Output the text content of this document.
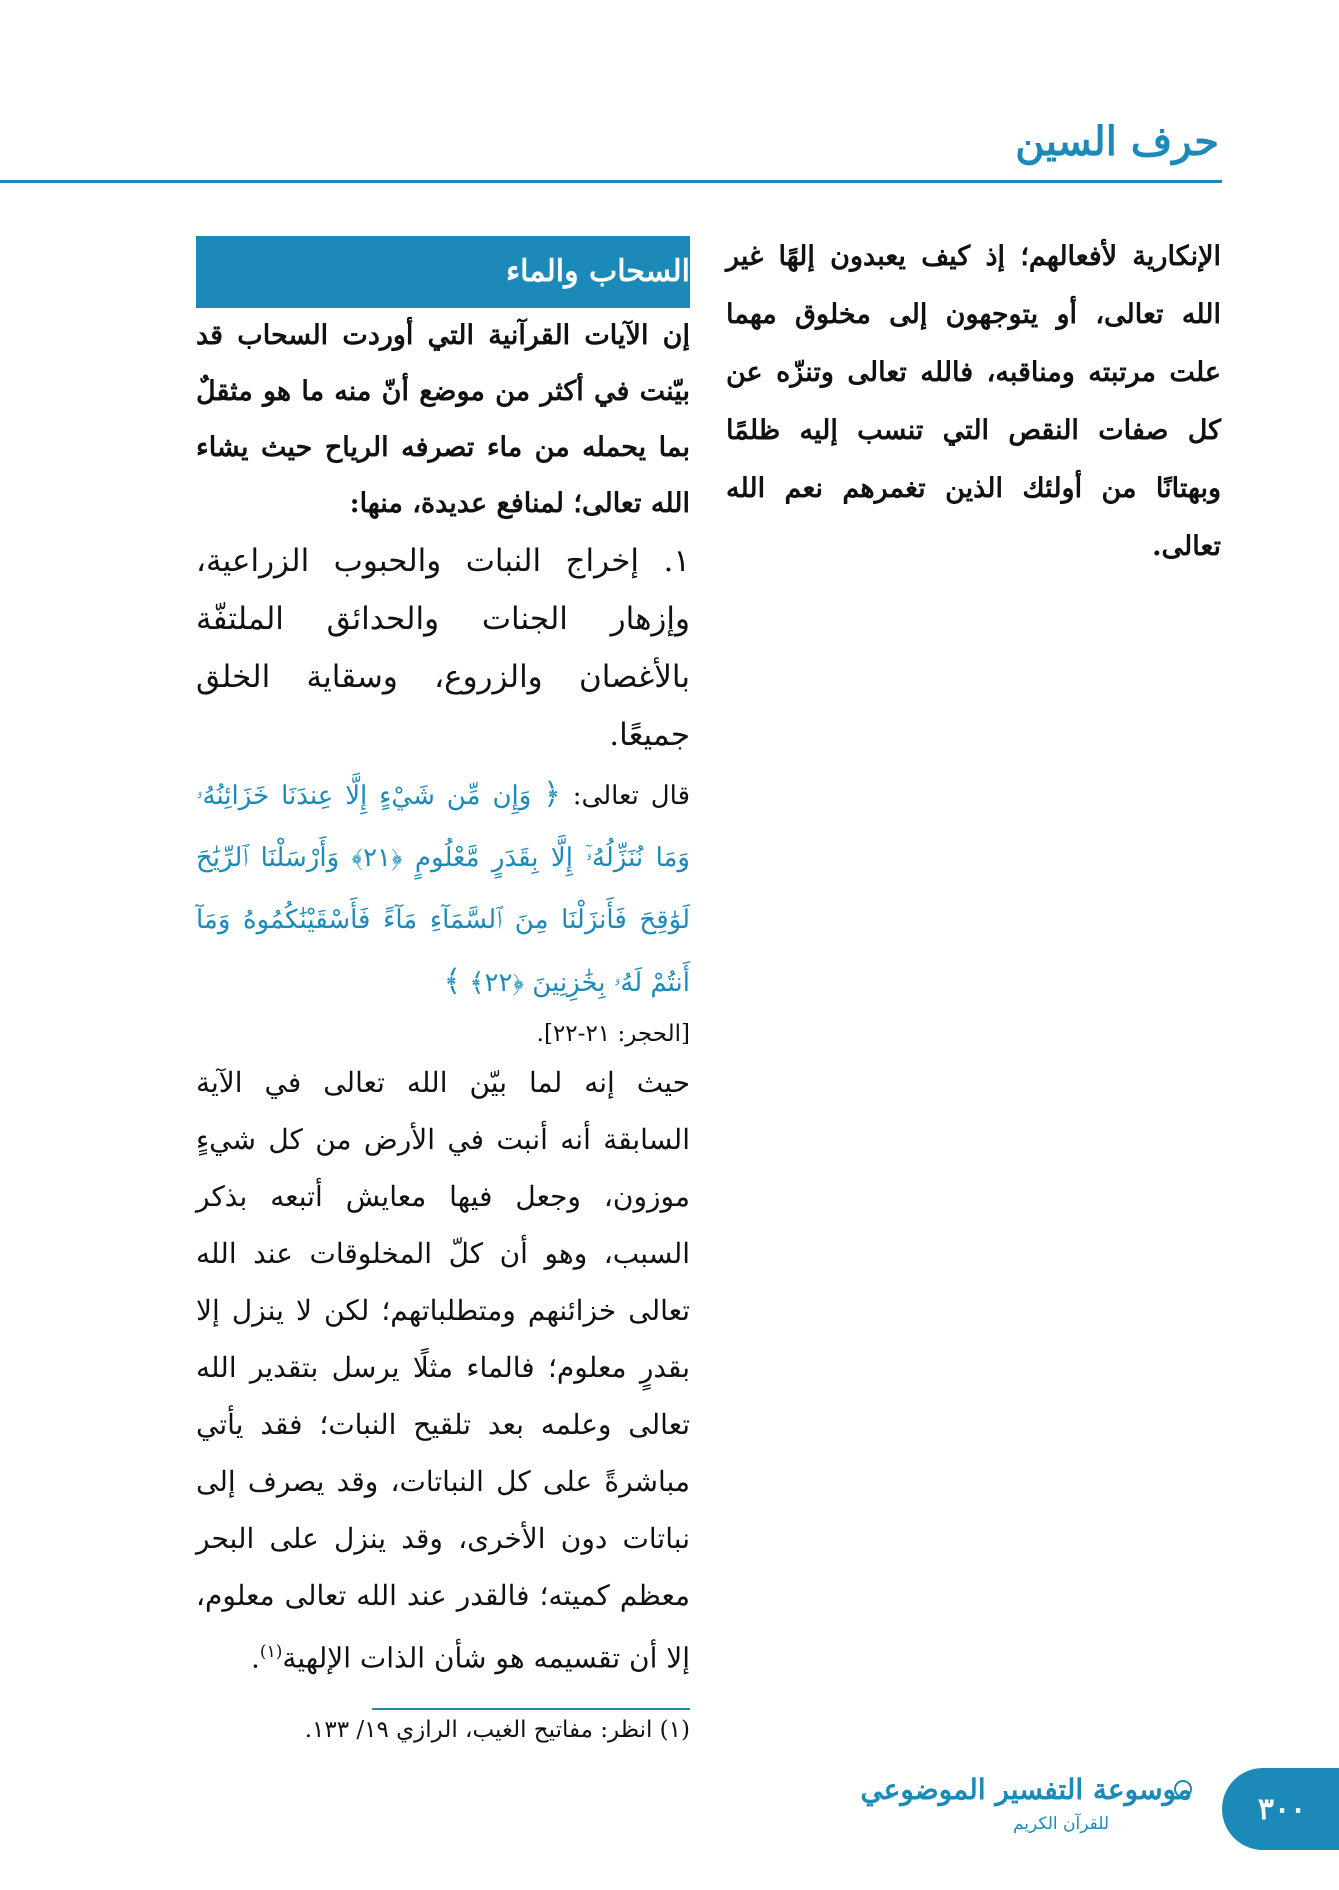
حرف السين

الإنكارية لأفعالهم؛ إذ كيف يعبدون إلهًا غير الله تعالى، أو يتوجهون إلى مخلوق مهما علت مرتبته ومناقبه، فالله تعالى وتنزّه عن كل صفات النقص التي تنسب إليه ظلمًا وبهتانًا من أولئك الذين تغمرهم نعم الله تعالى.

السحاب والماء

إن الآيات القرآنية التي أوردت السحاب قد بيّنت في أكثر من موضع أنّ منه ما هو مثقلٌ بما يحمله من ماء تصرفه الرياح حيث يشاء الله تعالى؛ لمنافع عديدة، منها:

١. إخراج النبات والحبوب الزراعية، وإزهار الجنات والحدائق الملتفّة بالأغصان والزروع، وسقاية الخلق جميعًا.

قال تعالى: ﴿ وَإِن مِّن شَيْءٍ إِلَّا عِندَنَا خَزَائِنُهُۥ وَمَا نُنَزِّلُهُۥٓ إِلَّا بِقَدَرٍ مَّعْلُومٍ ﴿٢١﴾ وَأَرْسَلْنَا ٱلرِّيَٰحَ لَوَٰقِحَ فَأَنزَلْنَا مِنَ ٱلسَّمَآءِ مَآءً فَأَسْقَيْنَٰكُمُوهُ وَمَآ أَنتُمْ لَهُۥ بِخَٰزِنِينَ ﴿٢٢﴾ ﴾

[الحجر: ٢١-٢٢].

حيث إنه لما بيّن الله تعالى في الآية السابقة أنه أنبت في الأرض من كل شيءٍ موزون، وجعل فيها معايش أتبعه بذكر السبب، وهو أن كلّ المخلوقات عند الله تعالى خزائنهم ومتطلباتهم؛ لكن لا ينزل إلا بقدرٍ معلوم؛ فالماء مثلًا يرسل بتقدير الله تعالى وعلمه بعد تلقيح النبات؛ فقد يأتي مباشرةً على كل النباتات، وقد يصرف إلى نباتات دون الأخرى، وقد ينزل على البحر معظم كميته؛ فالقدر عند الله تعالى معلوم، إلا أن تقسيمه هو شأن الذات الإلهية$^{(١)}$.

(١) انظر: مفاتيح الغيب، الرازي ١٩/ ١٣٣.

موسوعة التفسير الموضوعي
للقرآن الكريم	٣٠٠
